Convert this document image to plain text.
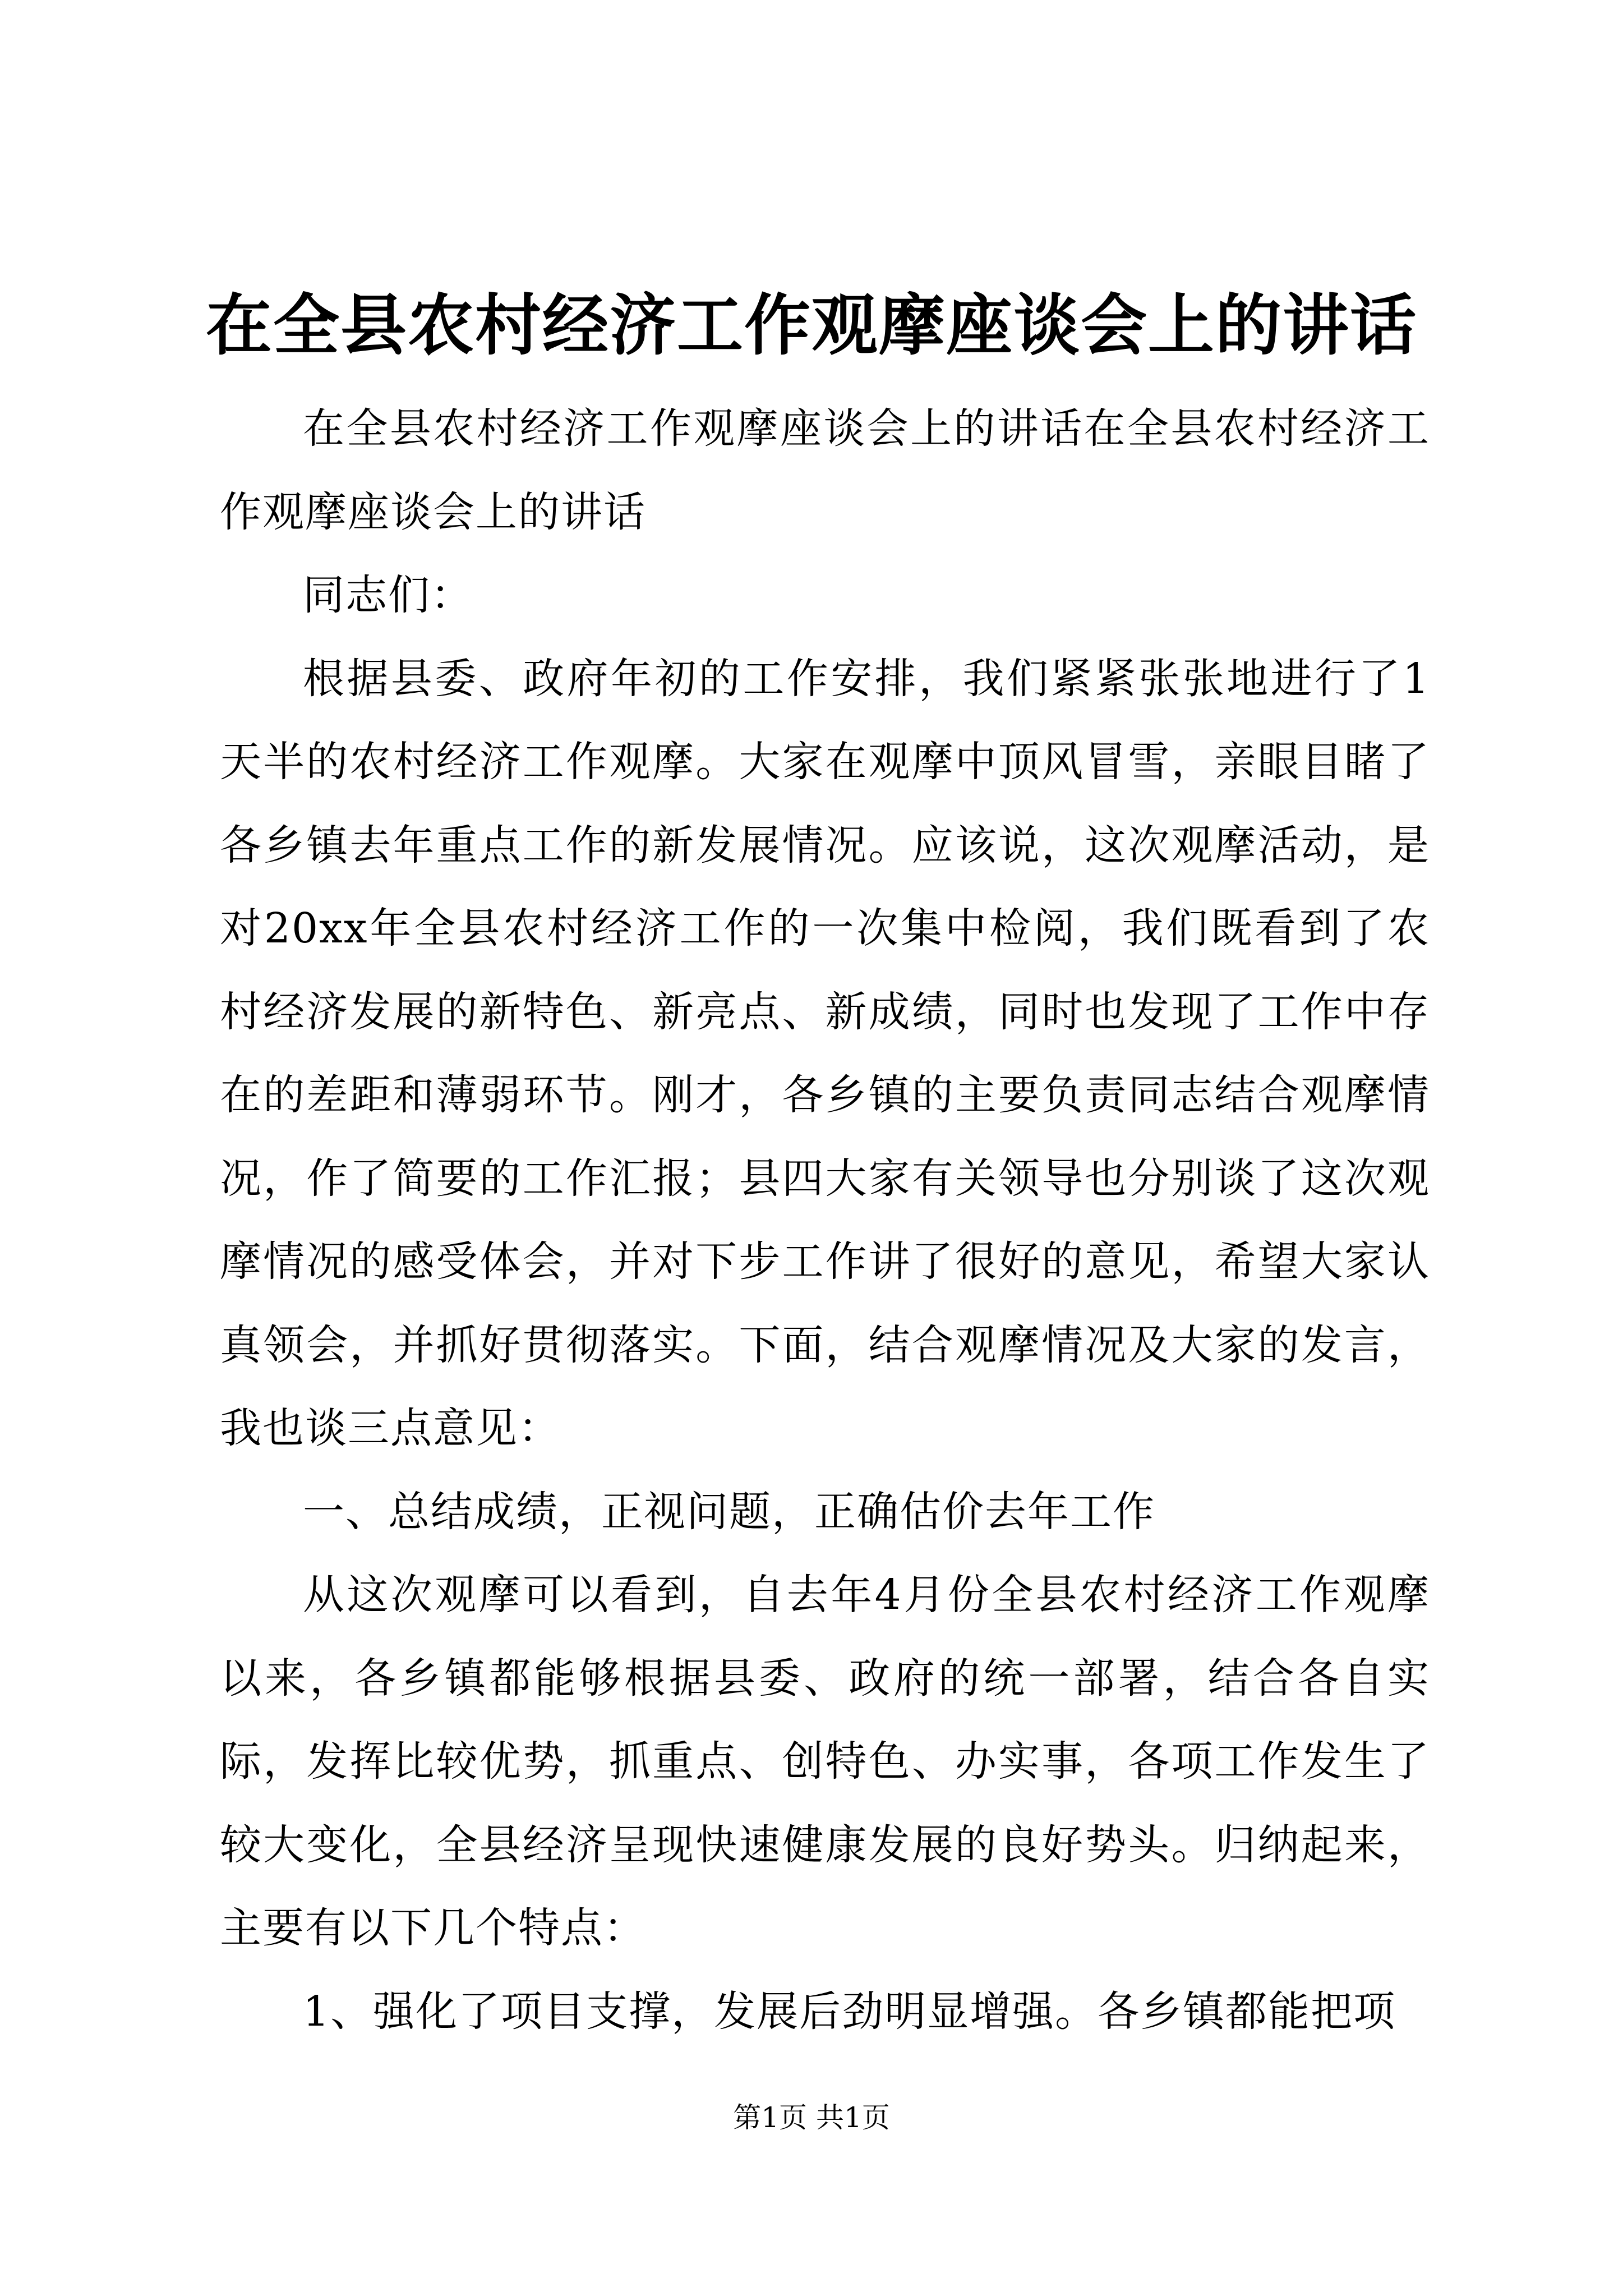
在全县农村经济工作观摩座谈会上的讲话

在全县农村经济工作观摩座谈会上的讲话在全县农村经济工作观摩座谈会上的讲话

同志们：

根据县委、政府年初的工作安排，我们紧紧张张地进行了1天半的农村经济工作观摩。大家在观摩中顶风冒雪，亲眼目睹了各乡镇去年重点工作的新发展情况。应该说，这次观摩活动，是对20xx年全县农村经济工作的一次集中检阅，我们既看到了农村经济发展的新特色、新亮点、新成绩，同时也发现了工作中存在的差距和薄弱环节。刚才，各乡镇的主要负责同志结合观摩情况，作了简要的工作汇报；县四大家有关领导也分别谈了这次观摩情况的感受体会，并对下步工作讲了很好的意见，希望大家认真领会，并抓好贯彻落实。下面，结合观摩情况及大家的发言，我也谈三点意见：

一、总结成绩，正视问题，正确估价去年工作

从这次观摩可以看到，自去年4月份全县农村经济工作观摩以来，各乡镇都能够根据县委、政府的统一部署，结合各自实际，发挥比较优势，抓重点、创特色、办实事，各项工作发生了较大变化，全县经济呈现快速健康发展的良好势头。归纳起来，主要有以下几个特点：

1、强化了项目支撑，发展后劲明显增强。各乡镇都能把项

第1页 共1页
